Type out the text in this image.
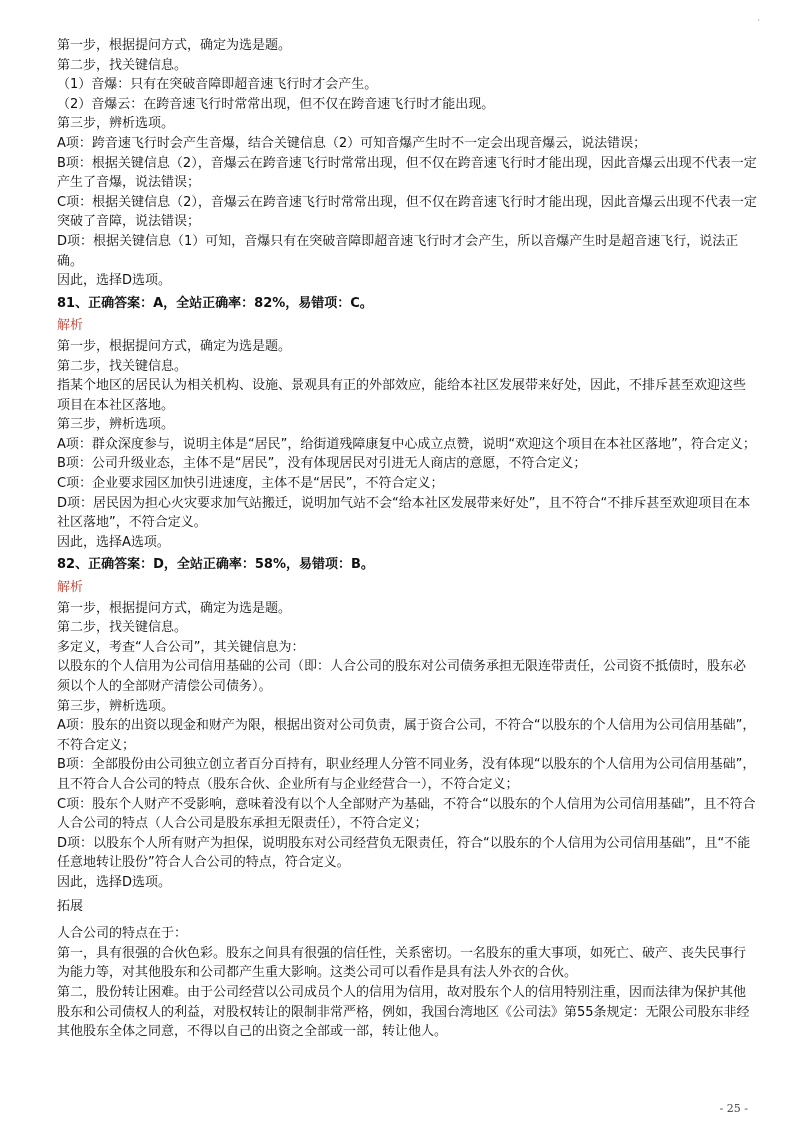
‘

第一步，根据提问方式，确定为选是题。

第二步，找关键信息。

（1）音爆：只有在突破音障即超音速飞行时才会产生。

（2）音爆云：在跨音速飞行时常常出现，但不仅在跨音速飞行时才能出现。

第三步，辨析选项。

A项：跨音速飞行时会产生音爆，结合关键信息（2）可知音爆产生时不一定会出现音爆云，说法错误；

B项：根据关键信息（2），音爆云在跨音速飞行时常常出现，但不仅在跨音速飞行时才能出现，因此音爆云出现不代表一定产生了音爆，说法错误；

C项：根据关键信息（2），音爆云在跨音速飞行时常常出现，但不仅在跨音速飞行时才能出现，因此音爆云出现不代表一定突破了音障，说法错误；

D项：根据关键信息（1）可知，音爆只有在突破音障即超音速飞行时才会产生，所以音爆产生时是超音速飞行，说法正确。

因此，选择D选项。

81、正确答案：A，全站正确率：82%，易错项：C。

解析

第一步，根据提问方式，确定为选是题。

第二步，找关键信息。

指某个地区的居民认为相关机构、设施、景观具有正的外部效应，能给本社区发展带来好处，因此，不排斥甚至欢迎这些项目在本社区落地。

第三步，辨析选项。

A项：群众深度参与，说明主体是“居民”，给街道残障康复中心成立点赞，说明“欢迎这个项目在本社区落地”，符合定义；

B项：公司升级业态，主体不是“居民”，没有体现居民对引进无人商店的意愿，不符合定义；

C项：企业要求园区加快引进速度，主体不是“居民”，不符合定义；

D项：居民因为担心火灾要求加气站搬迁，说明加气站不会“给本社区发展带来好处”，且不符合“不排斥甚至欢迎项目在本社区落地”，不符合定义。

因此，选择A选项。

82、正确答案：D，全站正确率：58%，易错项：B。

解析

第一步，根据提问方式，确定为选是题。

第二步，找关键信息。

多定义，考查“人合公司”，其关键信息为：

以股东的个人信用为公司信用基础的公司（即：人合公司的股东对公司债务承担无限连带责任，公司资不抵债时，股东必须以个人的全部财产清偿公司债务）。

第三步，辨析选项。

A项：股东的出资以现金和财产为限，根据出资对公司负责，属于资合公司，不符合“以股东的个人信用为公司信用基础”，不符合定义；

B项：全部股份由公司独立创立者百分百持有，职业经理人分管不同业务，没有体现“以股东的个人信用为公司信用基础”，且不符合人合公司的特点（股东合伙、企业所有与企业经营合一），不符合定义；

C项：股东个人财产不受影响，意味着没有以个人全部财产为基础，不符合“以股东的个人信用为公司信用基础”，且不符合人合公司的特点（人合公司是股东承担无限责任），不符合定义；

D项：以股东个人所有财产为担保，说明股东对公司经营负无限责任，符合“以股东的个人信用为公司信用基础”，且“不能任意地转让股份”符合人合公司的特点，符合定义。

因此，选择D选项。

拓展

人合公司的特点在于：

第一，具有很强的合伙色彩。股东之间具有很强的信任性，关系密切。一名股东的重大事项，如死亡、破产、丧失民事行为能力等，对其他股东和公司都产生重大影响。这类公司可以看作是具有法人外衣的合伙。

第二，股份转让困难。由于公司经营以公司成员个人的信用为信用，故对股东个人的信用特别注重，因而法律为保护其他股东和公司债权人的利益，对股权转让的限制非常严格，例如，我国台湾地区《公司法》第55条规定：无限公司股东非经其他股东全体之同意，不得以自己的出资之全部或一部，转让他人。

- 25 -
